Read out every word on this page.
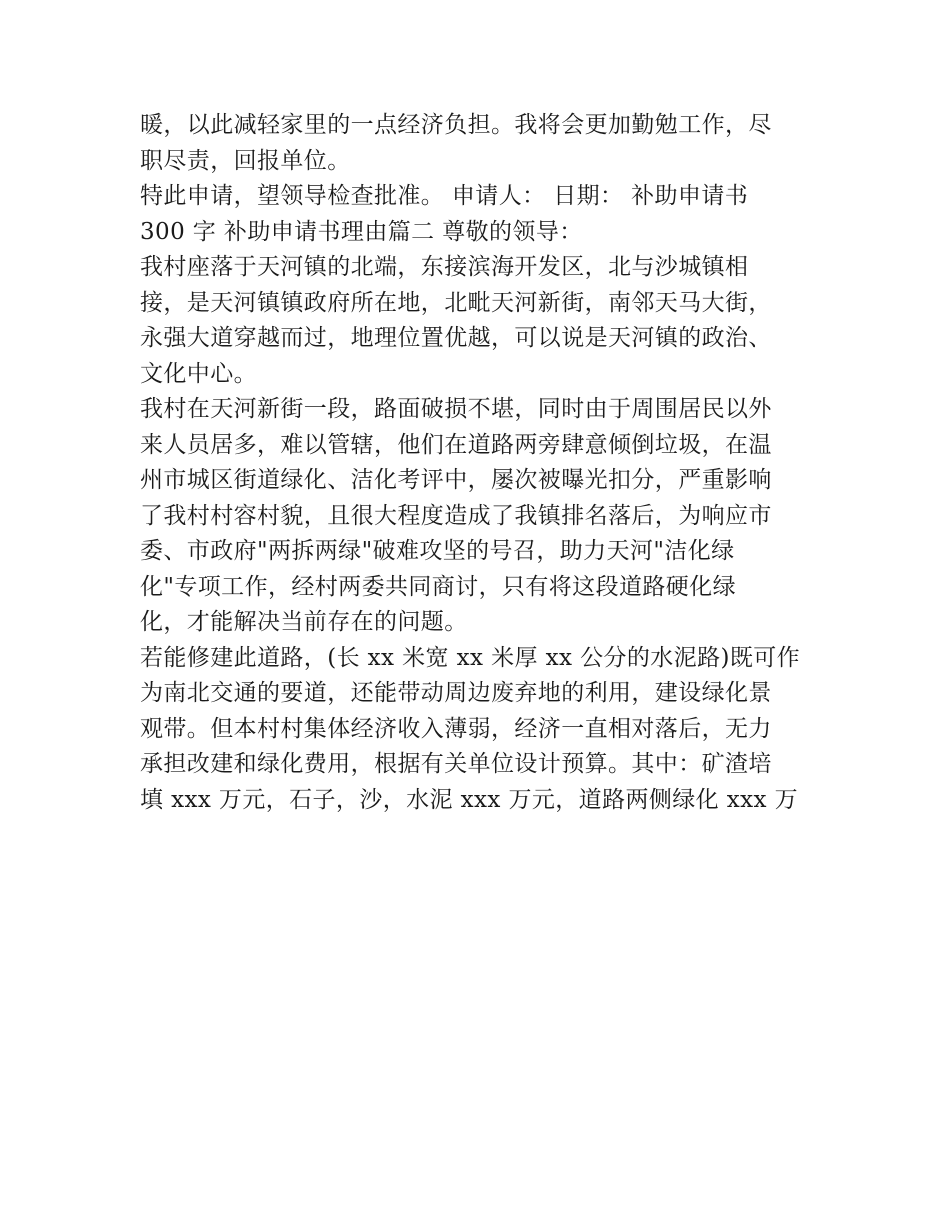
暖，以此减轻家里的一点经济负担。我将会更加勤勉工作，尽
职尽责，回报单位。
特此申请，望领导检查批准。 申请人： 日期： 补助申请书
300 字 补助申请书理由篇二 尊敬的领导：
我村座落于天河镇的北端，东接滨海开发区，北与沙城镇相
接，是天河镇镇政府所在地，北毗天河新街，南邻天马大街，
永强大道穿越而过，地理位置优越，可以说是天河镇的政治、
文化中心。
我村在天河新街一段，路面破损不堪，同时由于周围居民以外
来人员居多，难以管辖，他们在道路两旁肆意倾倒垃圾，在温
州市城区街道绿化、洁化考评中，屡次被曝光扣分，严重影响
了我村村容村貌，且很大程度造成了我镇排名落后，为响应市
委、市政府"两拆两绿"破难攻坚的号召，助力天河"洁化绿
化"专项工作，经村两委共同商讨，只有将这段道路硬化绿
化，才能解决当前存在的问题。
若能修建此道路，(长 xx 米宽 xx 米厚 xx 公分的水泥路)既可作
为南北交通的要道，还能带动周边废弃地的利用，建设绿化景
观带。但本村村集体经济收入薄弱，经济一直相对落后，无力
承担改建和绿化费用，根据有关单位设计预算。其中：矿渣培
填 xxx 万元，石子，沙，水泥 xxx 万元，道路两侧绿化 xxx 万
